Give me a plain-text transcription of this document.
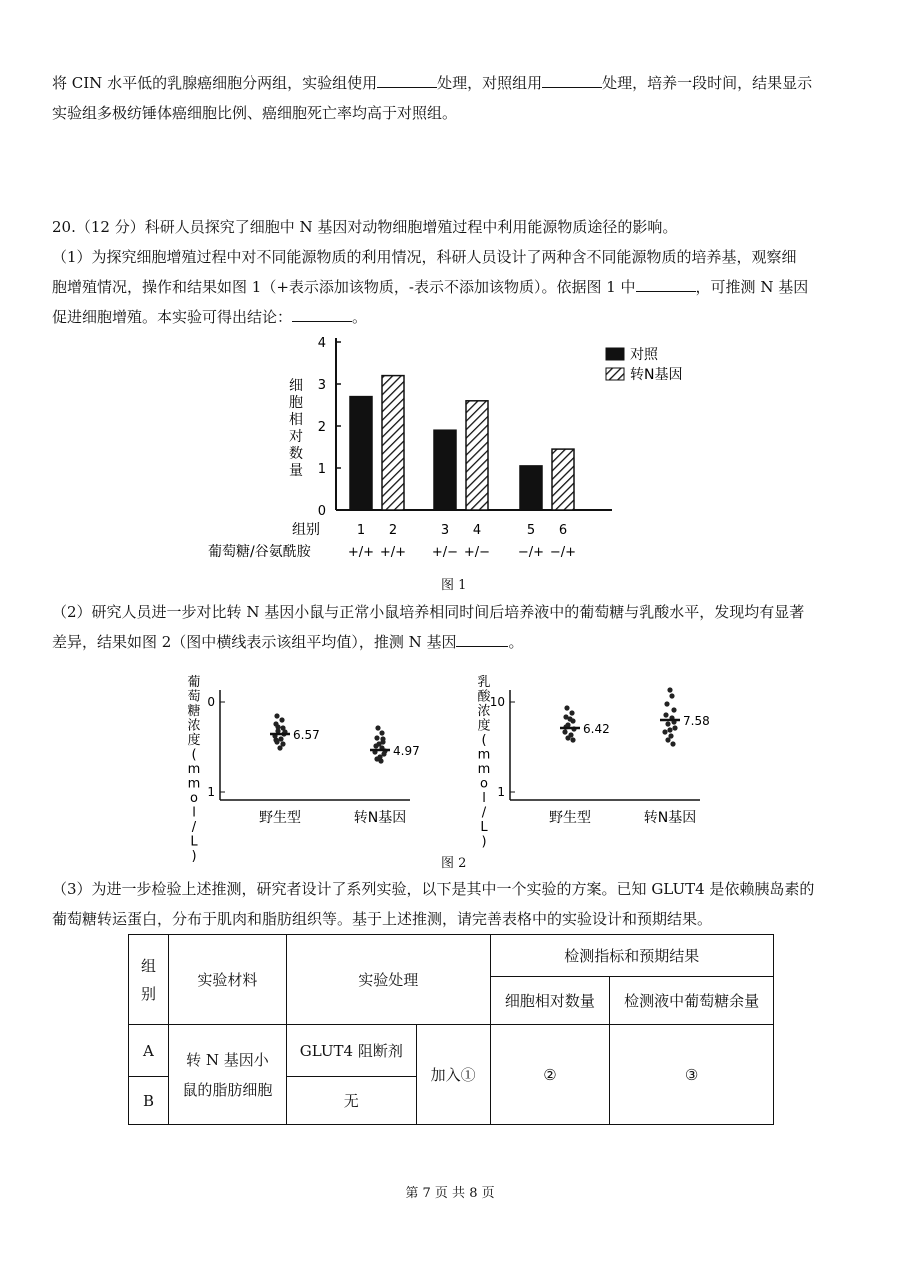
将 CIN 水平低的乳腺癌细胞分两组，实验组使用	处理，对照组用	处理，培养一段时间，结果显示
实验组多极纺锤体癌细胞比例、癌细胞死亡率均高于对照组。
20.（12 分）科研人员探究了细胞中 N 基因对动物细胞增殖过程中利用能源物质途径的影响。
（1）为探究细胞增殖过程中对不同能源物质的利用情况，科研人员设计了两种含不同能源物质的培养基，观察细
胞增殖情况，操作和结果如图 1（+表示添加该物质，-表示不添加该物质）。依据图 1 中	，可推测 N 基因
促进细胞增殖。本实验可得出结论：	。
0
1
2
3
4
细
胞
相
对
数
量
组别
葡萄糖/谷氨酰胺
1
+/+
2
+/+
3
+/−
4
+/−
5
−/+
6
−/+
对照
转N基因
图 1
（2）研究人员进一步对比转 N 基因小鼠与正常小鼠培养相同时间后培养液中的葡萄糖与乳酸水平，发现均有显著
差异，结果如图 2（图中横线表示该组平均值），推测 N 基因	。
0
1
葡
萄
糖
浓
度
(
m
m
o
l
/
L
)
6.57
野生型
4.97
转N基因
10
1
乳
酸
浓
度
(
m
m
o
l
/
L
)
6.42
野生型
7.58
转N基因
图 2
（3）为进一步检验上述推测，研究者设计了系列实验，以下是其中一个实验的方案。已知 GLUT4 是依赖胰岛素的
葡萄糖转运蛋白，分布于肌肉和脂肪组织等。基于上述推测，请完善表格中的实验设计和预期结果。
组别	实验材料	实验处理		检测指标和预期结果	
				细胞相对数量	检测液中葡萄糖余量
A	转 N 基因小鼠的脂肪细胞	GLUT4 阻断剂	加入①	②	③
B		无			
第 7 页 共 8 页
